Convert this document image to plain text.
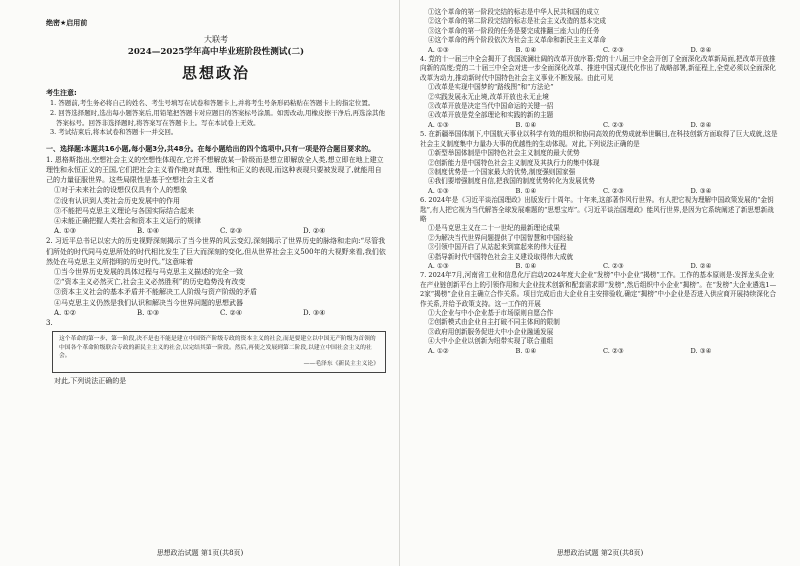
绝密★启用前
大联考
2024—2025学年高中毕业班阶段性测试(二)
思想政治
考生注意:

1. 答题前,考生务必将自己的姓名、考生号填写在试卷和答题卡上,并将考生号条形码粘贴在答题卡上的指定位置。

2. 回答选择题时,选出每小题答案后,用铅笔把答题卡对应题目的答案标号涂黑。如需改动,用橡皮擦干净后,再选涂其他答案标号。回答非选择题时,将答案写在答题卡上。写在本试卷上无效。

3. 考试结束后,将本试卷和答题卡一并交回。

一、选择题:本题共16小题,每小题3分,共48分。在每小题给出的四个选项中,只有一项是符合题目要求的。

1. 恩格斯指出,空想社会主义的空想性体现在,它并不想解放某一阶级而是想立即解放全人类,想立即在地上建立理性和永恒正义的王国,它们把社会主义看作绝对真理、理性和正义的表现,而这种表现只要被发现了,就能用自己的力量征服世界。这些局限性是基于空想社会主义者

①对于未来社会的设想仅仅具有个人的想象

②没有认识到人类社会历史发展中的作用

③不能把马克思主义理论与各国实际结合起来

④未能正确把握人类社会和资本主义运行的规律

A. ①③	B. ①④	C. ②③	D. ②④

2. 习近平总书记以宏大的历史视野深刻揭示了当今世界的风云变幻,深刻揭示了世界历史的脉络和走向:“尽管我们所处的时代同马克思所处的时代相比发生了巨大而深刻的变化,但从世界社会主义500年的大视野来看,我们依然处在马克思主义所指明的历史时代。”这意味着

①当今世界历史发展的具体过程与马克思主义描述的完全一致

②“资本主义必然灭亡,社会主义必然胜利”的历史趋势没有改变

③资本主义社会的基本矛盾并不能解决工人阶级与资产阶级的矛盾

④马克思主义仍然是我们认识和解决当今世界问题的思想武器

A. ①②	B. ①③	C. ②④	D. ③④
3.

这个革命的第一步、第一阶段,决不是也不能是建立中国资产阶级专政的资本主义的社会,而是要建立以中国无产阶级为首领的中国各个革命阶级联合专政的新民主主义的社会,以完结其第一阶段。然后,再使之发展到第二阶段,以建立中国社会主义的社会。

——毛泽东《新民主主义论》

对此,下列说法正确的是

思想政治试题 第1页(共8页)

①这个革命的第一阶段完结的标志是中华人民共和国的成立

②这个革命的第二阶段完结的标志是社会主义改造的基本完成

③这个革命的第一阶段的任务是要完成推翻三座大山的任务

④这个革命的两个阶段依次为社会主义革命和新民主主义革命

A. ①③	B. ①④	C. ②③	D. ②④

4. 党的十一届三中全会揭开了我国波澜壮阔的改革开放序幕;党的十八届三中全会开创了全面深化改革新局面,把改革开放推向新的高度;党的二十届三中全会对进一步全面深化改革、推进中国式现代化作出了战略部署,新征程上,全党必须以全面深化改革为动力,推动新时代中国特色社会主义事业不断发展。由此可见

①改革是实现中国梦的“路线图”和“方法论”

②实践发展永无止境,改革开放也永无止境

③改革开放是决定当代中国命运的关键一招

④改革开放是党全部理论和实践的新的主题

A. ①③	B. ①④	C. ②③	D. ②④

5. 在新疆举国体制下,中国航天事业以科学有效的组织和协同高效的优势成就举世瞩目,在科技创新方面取得了巨大成就,这是社会主义制度集中力量办大事的优越性的生动体现。对此,下列说法正确的是

①新型举国体制是中国特色社会主义制度的最大优势

②创新能力是中国特色社会主义制度及其执行力的集中体现

③制度优势是一个国家最大的优势,制度强则国家强

④我们要增强制度自信,把我国的制度优势转化为发展优势

A. ①③	B. ①④	C. ②③	D. ③④

6. 2024年是《习近平谈治国理政》出版发行十周年。十年来,这部著作风行世界。有人把它视为理解中国政策发展的“金钥匙”,有人把它视为当代解答全球发展难题的“思想宝库”。《习近平谈治国理政》能风行世界,是因为它系统阐述了新思想新战略

①是马克思主义在二十一世纪的最新理论成果

②为解决当代世界问题提供了中国智慧和中国经验

③引领中国开启了从站起来到富起来的伟大征程

④指导新时代中国特色社会主义建设取得伟大成就

A. ①③	B. ①④	C. ②③	D. ②④

7. 2024年7月,河南省工业和信息化厅启动2024年度大企业“发榜”中小企业“揭榜”工作。工作的基本原则是:发挥龙头企业在产业链创新平台上的引领作用和大企业技术创新和配套需求即“发榜”,然后组织中小企业“揭榜”。在“发榜”大企业遴选1—2家“揭榜”企业自主确立合作关系。项目完成后由大企业自主安排验收,确定“揭榜”中小企业是否进入供应商开展持续深化合作关系,并给予政策支持。这一工作的开展

①大企业与中小企业基于市场原则自愿合作

②创新模式由企业自主打破不同主体间的限制

③政府用创新服务促进大中小企业融通发展

④大中小企业以创新为纽带实现了联合重组

A. ①②	B. ①④	C. ②③	D. ③④
思想政治试题 第2页(共8页)
